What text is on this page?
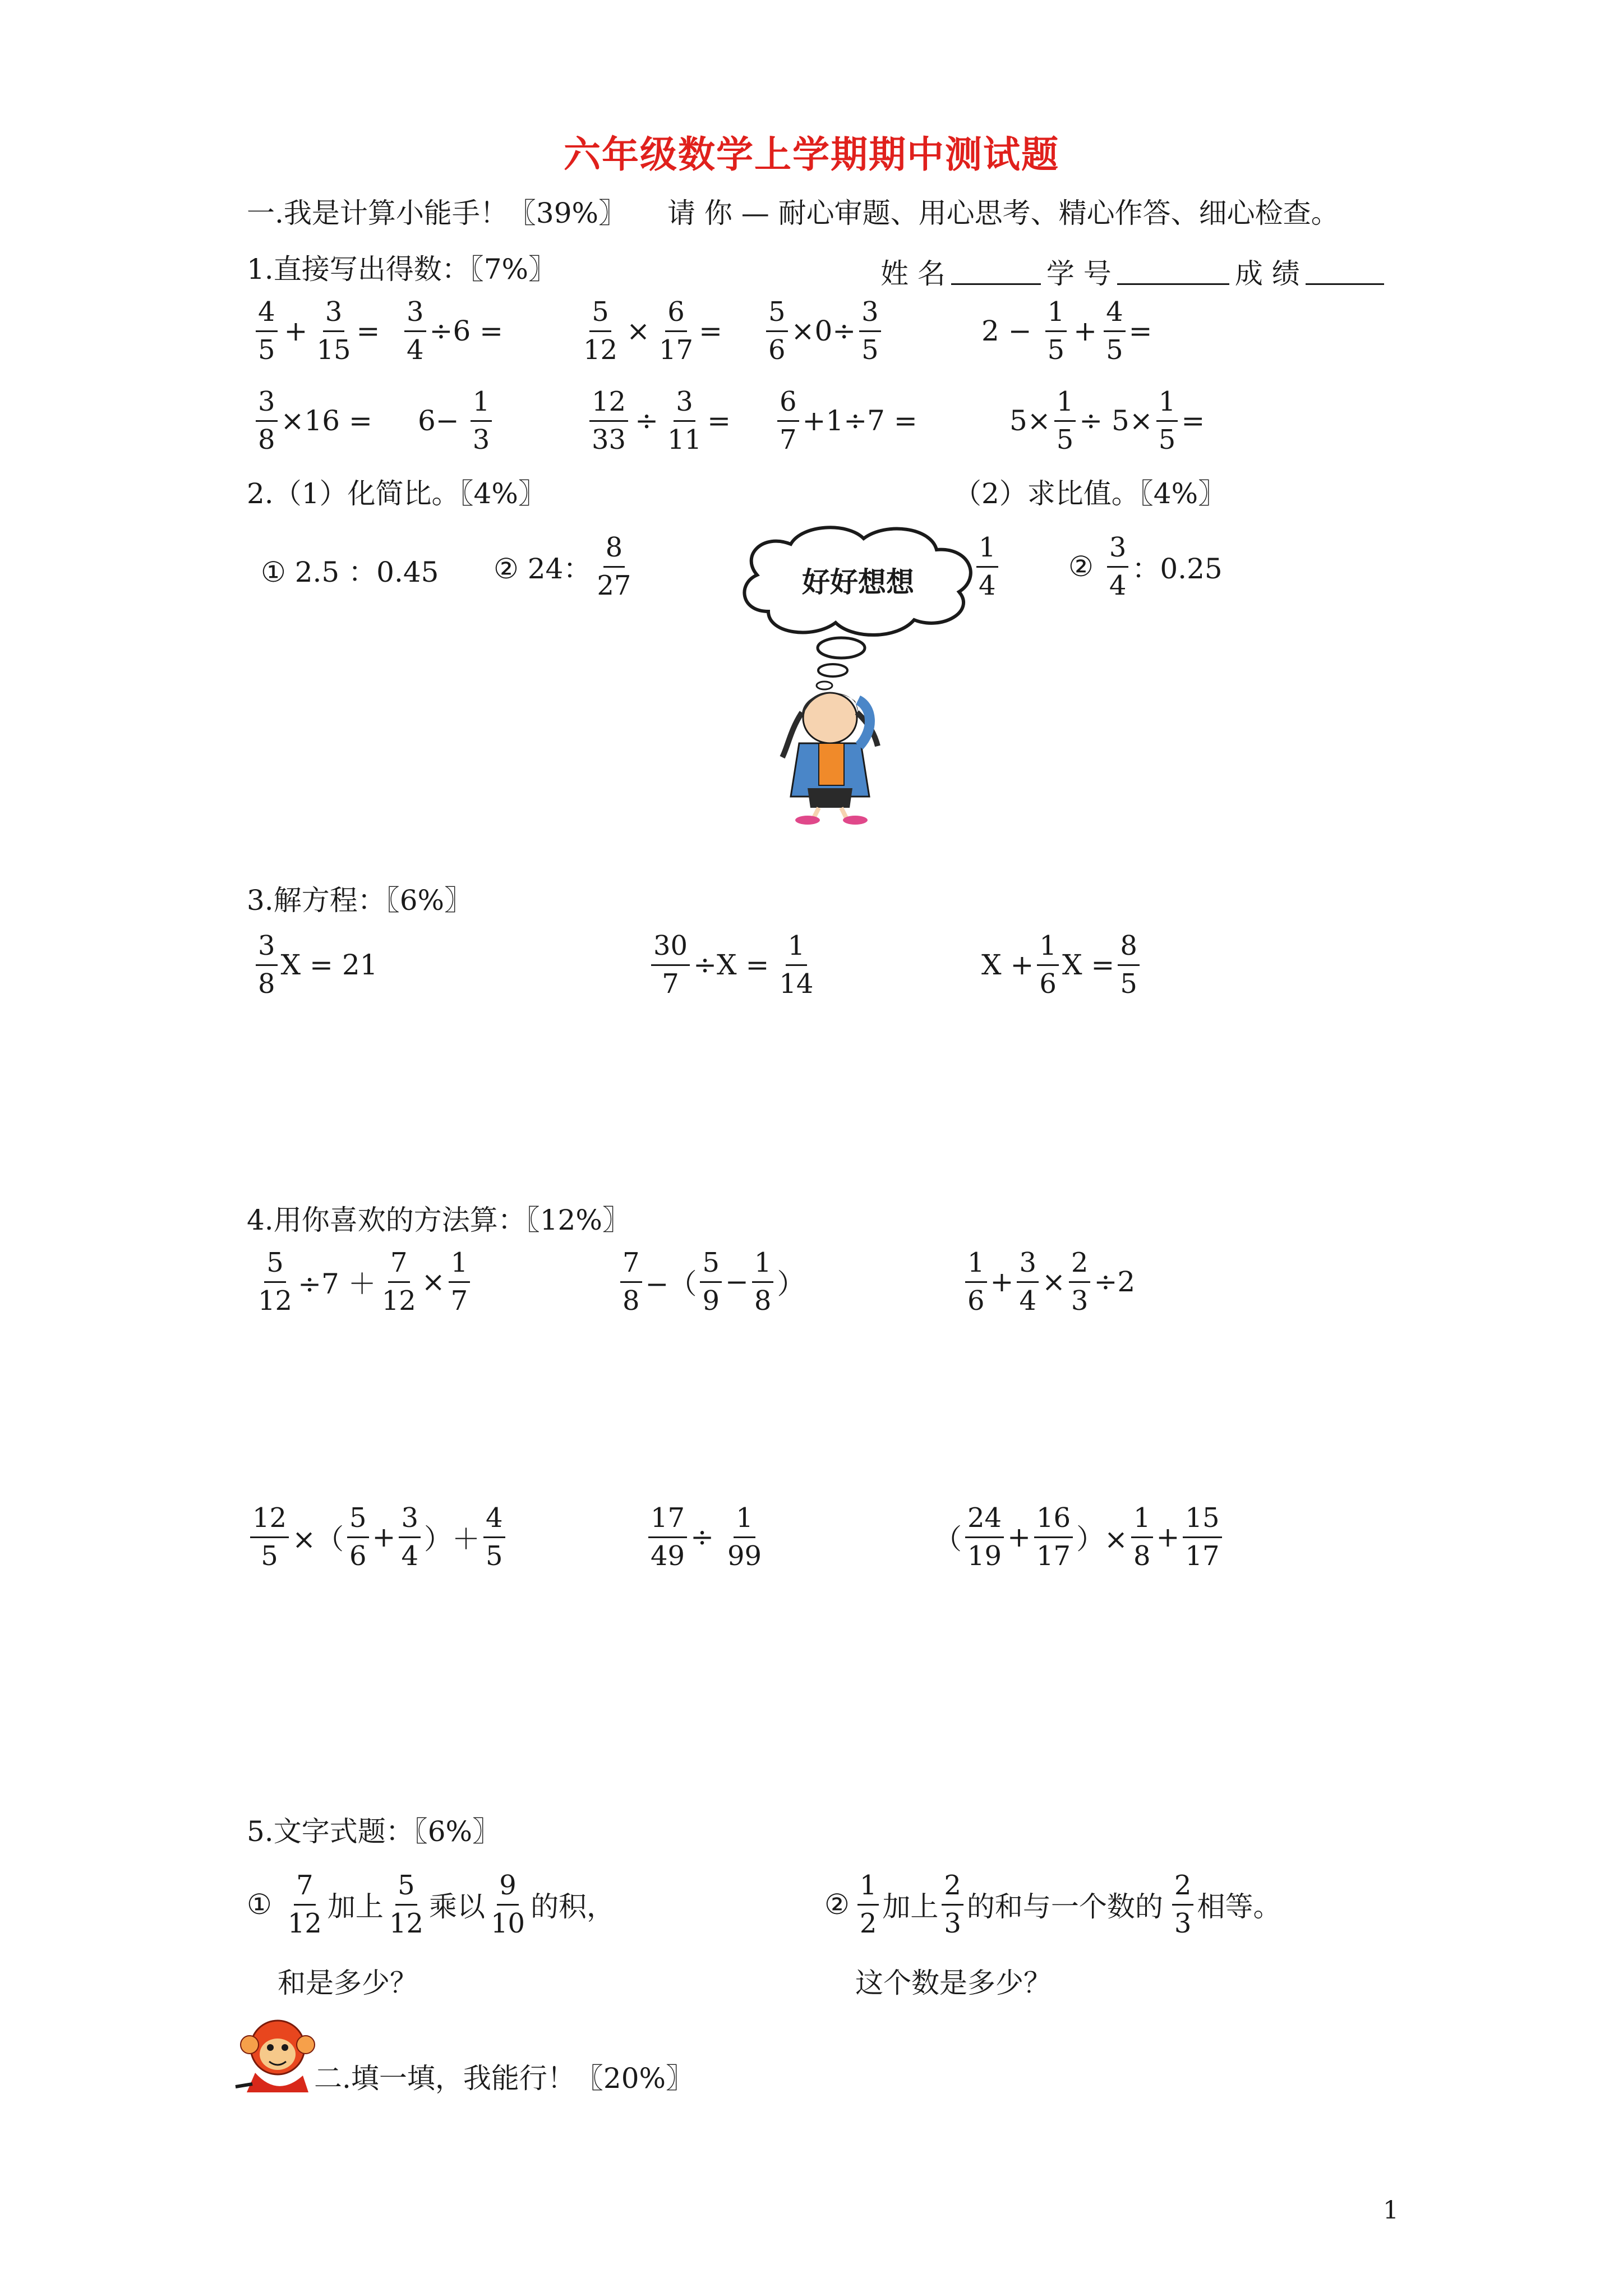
六年级数学上学期期中测试题
一.我是计算小能手！〖39%〗 请 你 — 耐心审题、用心思考、精心作答、细心检查。
1.直接写出得数：〖7%〗	姓 名	学 号	成 绩
$\frac{4}{5} + \frac{3}{15} = \frac{3}{4} \div 6$ =	$\frac{5}{12} \times \frac{6}{17} = \frac{5}{6} \times 0\div \frac{3}{5}$	$2 - \frac{1}{5} + \frac{4}{5}$ =
$\frac{3}{8} \times 16 = 6- \frac{1}{3}$	$\frac{12}{33} \div \frac{3}{11} = \frac{6}{7} +1\div 7$ =	$5\times \frac{1}{5} \div 5\times \frac{1}{5}$ =
2.（1）化简比。〖4%〗	（2）求比值。〖4%〗
① 2.5 ：0.45 ② 24： $\frac{8}{27}$	$\frac{1}{4}$	② $\frac{3}{4}$ ：0.25
好好想想
3.解方程：〖6%〗
$\frac{3}{8}$ X = 21	$\frac{30}{7} \div X = \frac{1}{14}$	$X + \frac{1}{6}$ $X = \frac{8}{5}$
4.用你喜欢的方法算：〖12%〗
$\frac{5}{12} \div 7 + \frac{7}{12} \times \frac{1}{7}$	$\frac{7}{8}$ −（ $\frac{5}{9} - \frac{1}{8}$ ）	$\frac{1}{6} + \frac{3}{4} \times \frac{2}{3} \div 2$
$\frac{12}{5}$ ×（ $\frac{5}{6} + \frac{3}{4}$ ）＋ $\frac{4}{5}$	$\frac{17}{49} \div \frac{1}{99}$	（ $\frac{24}{19} + \frac{16}{17}$ ）× $\frac{1}{8} + \frac{15}{17}$
5.文字式题：〖6%〗
① $\frac{7}{12}$ 加上 $\frac{5}{12}$ 乘以 $\frac{9}{10}$ 的积，
和是多少？
② $\frac{1}{2}$ 加上 $\frac{2}{3}$ 的和与一个数的 $\frac{2}{3}$ 相等。
这个数是多少？
二.填一填，我能行！〖20%〗
1
